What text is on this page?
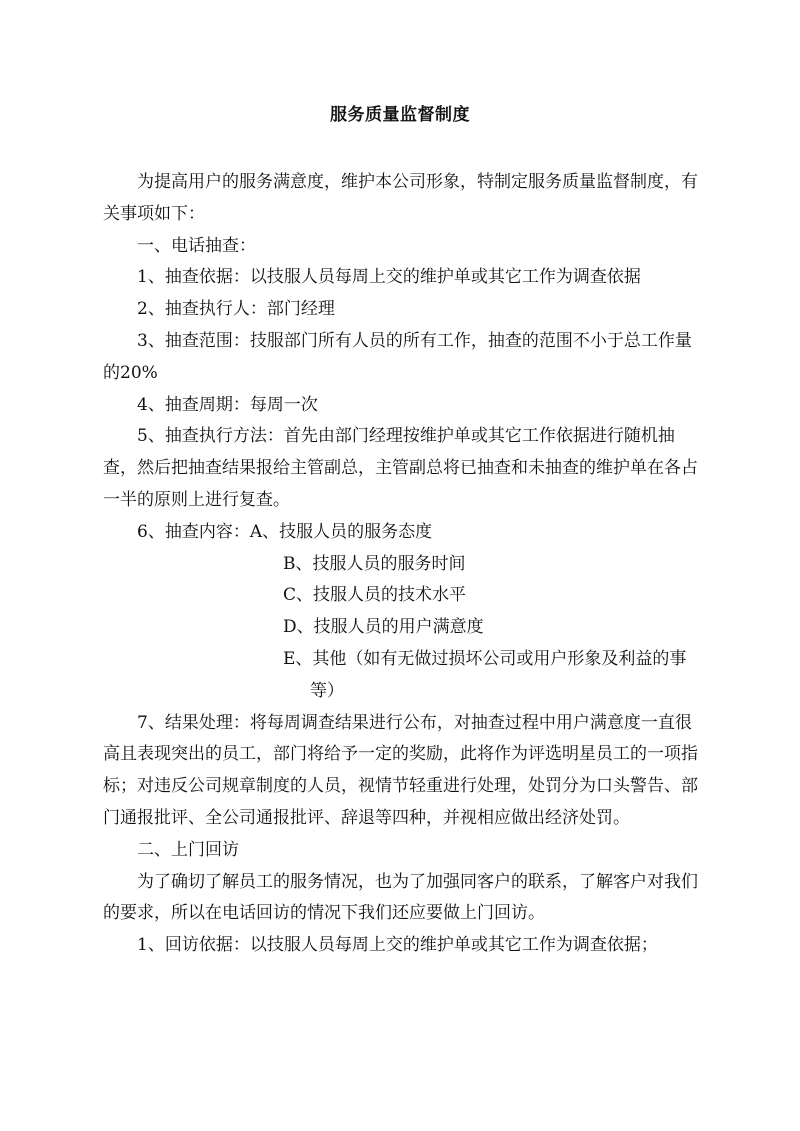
服务质量监督制度

为提高用户的服务满意度，维护本公司形象，特制定服务质量监督制度，有关事项如下：

一、电话抽查：

1、抽查依据：以技服人员每周上交的维护单或其它工作为调查依据

2、抽查执行人：部门经理

3、抽查范围：技服部门所有人员的所有工作，抽查的范围不小于总工作量的20%

4、抽查周期：每周一次

5、抽查执行方法：首先由部门经理按维护单或其它工作依据进行随机抽查，然后把抽查结果报给主管副总，主管副总将已抽查和未抽查的维护单在各占一半的原则上进行复查。

6、抽查内容：A、技服人员的服务态度

B、技服人员的服务时间

C、技服人员的技术水平

D、技服人员的用户满意度

E、其他（如有无做过损坏公司或用户形象及利益的事等）

7、结果处理：将每周调查结果进行公布，对抽查过程中用户满意度一直很高且表现突出的员工，部门将给予一定的奖励，此将作为评选明星员工的一项指标；对违反公司规章制度的人员，视情节轻重进行处理，处罚分为口头警告、部门通报批评、全公司通报批评、辞退等四种，并视相应做出经济处罚。

二、上门回访

为了确切了解员工的服务情况，也为了加强同客户的联系，了解客户对我们的要求，所以在电话回访的情况下我们还应要做上门回访。

1、回访依据：以技服人员每周上交的维护单或其它工作为调查依据；
